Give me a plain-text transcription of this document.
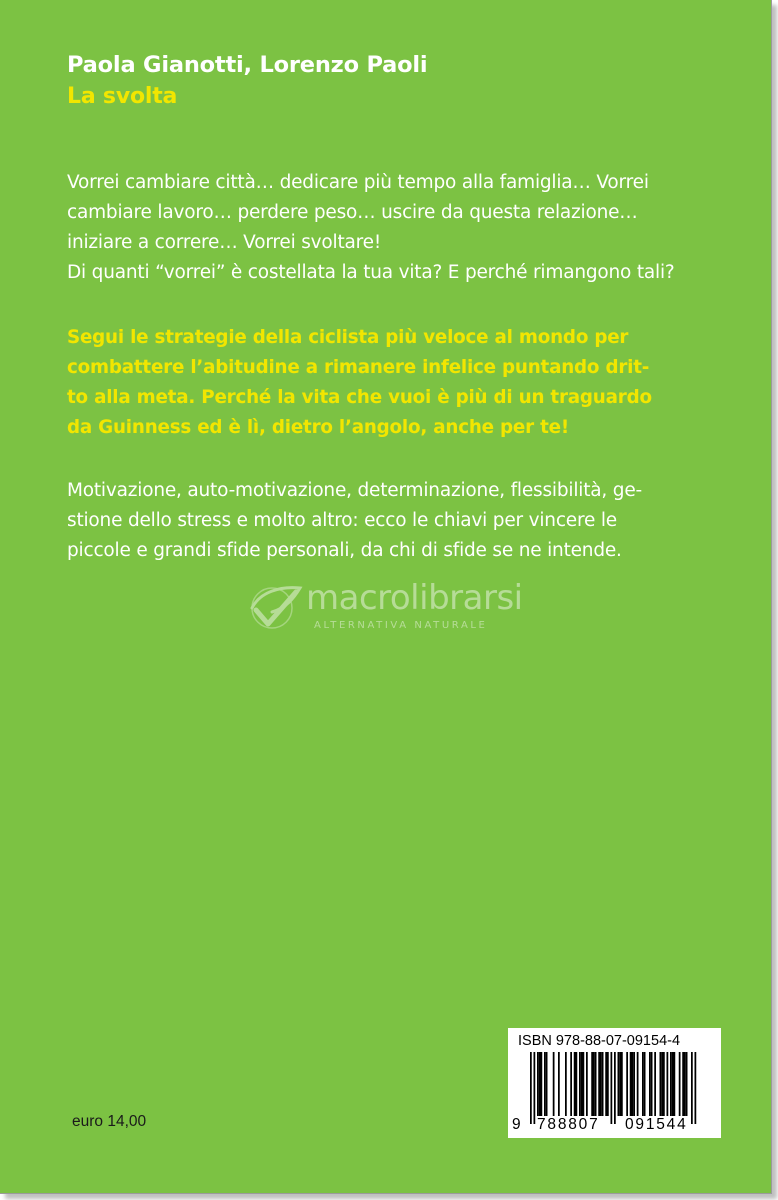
Paola Gianotti, Lorenzo Paoli
La svolta
Vorrei cambiare città… dedicare più tempo alla famiglia… Vorrei
cambiare lavoro… perdere peso… uscire da questa relazione…
iniziare a correre… Vorrei svoltare!
Di quanti “vorrei” è costellata la tua vita? E perché rimangono tali?
Segui le strategie della ciclista più veloce al mondo per
combattere l’abitudine a rimanere infelice puntando drit-
to alla meta. Perché la vita che vuoi è più di un traguardo
da Guinness ed è lì, dietro l’angolo, anche per te!
Motivazione, auto-motivazione, determinazione, flessibilità, ge-
stione dello stress e molto altro: ecco le chiavi per vincere le
piccole e grandi sfide personali, da chi di sfide se ne intende.
macrolibrarsi
ALTERNATIVA NATURALE
euro 14,00
ISBN 978-88-07-09154-4
9 788807 091544
